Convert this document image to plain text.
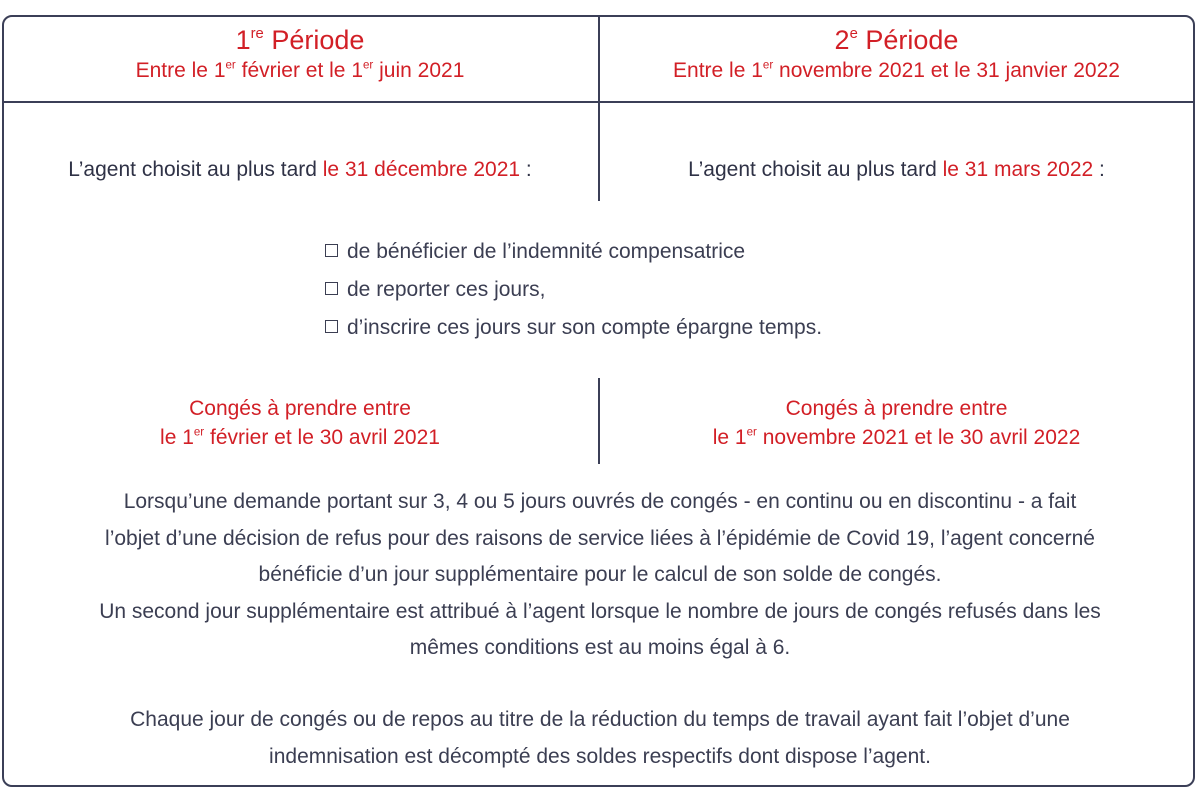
1re Période
Entre le 1er février et le 1er juin 2021
2e Période
Entre le 1er novembre 2021 et le 31 janvier 2022
L’agent choisit au plus tard le 31 décembre 2021 :	L’agent choisit au plus tard le 31 mars 2022 :
de bénéficier de l’indemnité compensatrice
de reporter ces jours,
d’inscrire ces jours sur son compte épargne temps.
Congés à prendre entre
le 1er février et le 30 avril 2021
Congés à prendre entre
le 1er novembre 2021 et le 30 avril 2022
Lorsqu’une demande portant sur 3, 4 ou 5 jours ouvrés de congés - en continu ou en discontinu - a fait
l’objet d’une décision de refus pour des raisons de service liées à l’épidémie de Covid 19, l’agent concerné
bénéficie d’un jour supplémentaire pour le calcul de son solde de congés.
Un second jour supplémentaire est attribué à l’agent lorsque le nombre de jours de congés refusés dans les
mêmes conditions est au moins égal à 6.
Chaque jour de congés ou de repos au titre de la réduction du temps de travail ayant fait l’objet d’une
indemnisation est décompté des soldes respectifs dont dispose l’agent.
